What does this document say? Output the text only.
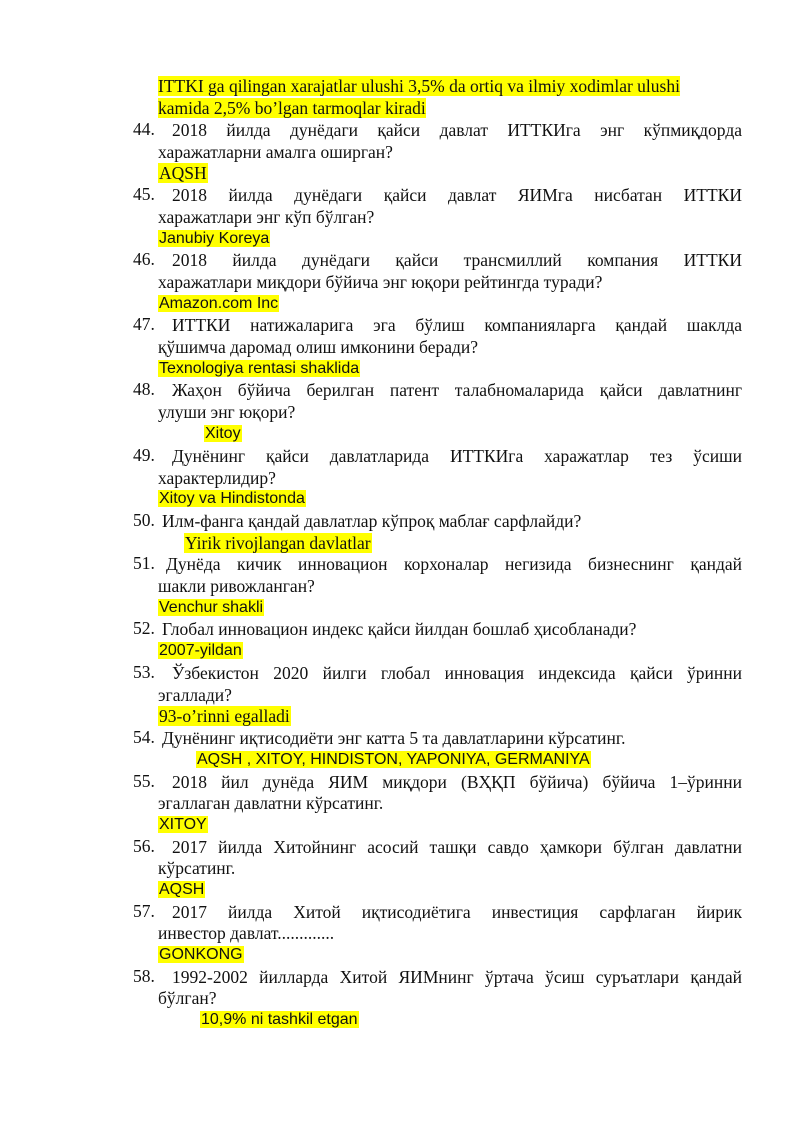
ITTKI ga qilingan xarajatlar ulushi 3,5% da ortiq va ilmiy xodimlar ulushi
kamida 2,5% bo’lgan tarmoqlar kiradi
44. 2018 йилда дунёдаги қайси давлат ИТТКИга энг кўпмиқдорда
харажатларни амалга оширган?
AQSH
45. 2018 йилда дунёдаги қайси давлат ЯИМга нисбатан ИТТКИ
харажатлари энг кўп бўлган?
Janubiy Koreya
46. 2018 йилда дунёдаги қайси трансмиллий компания ИТТКИ
харажатлари миқдори бўйича энг юқори рейтингда туради?
Amazon.com Inc
47. ИТТКИ натижаларига эга бўлиш компанияларга қандай шаклда
қўшимча даромад олиш имконини беради?
Texnologiya rentasi shaklida
48. Жаҳон бўйича берилган патент талабномаларида қайси давлатнинг
улуши энг юқори?
Xitoy
49. Дунёнинг қайси давлатларида ИТТКИга харажатлар тез ўсиши
характерлидир?
Xitoy va Hindistonda
50. Илм-фанга қандай давлатлар кўпроқ маблағ сарфлайди?
Yirik rivojlangan davlatlar
51. Дунёда кичик инновацион корхоналар негизида бизнеснинг қандай
шакли ривожланган?
Venchur shakli
52. Глобал инновацион индекс қайси йилдан бошлаб ҳисобланади?
2007-yildan
53. Ўзбекистон 2020 йилги глобал инновация индексида қайси ўринни
эгаллади?
93-o’rinni egalladi
54. Дунёнинг иқтисодиёти энг катта 5 та давлатларини кўрсатинг.
AQSH , XITOY, HINDISTON, YAPONIYA, GERMANIYA
55. 2018 йил дунёда ЯИМ миқдори (ВҲҚП бўйича) бўйича 1–ўринни
эгаллаган давлатни кўрсатинг.
XITOY
56. 2017 йилда Хитойнинг асосий ташқи савдо ҳамкори бўлган давлатни
кўрсатинг.
AQSH
57. 2017 йилда Хитой иқтисодиётига инвестиция сарфлаган йирик
инвестор давлат.............
GONKONG
58. 1992-2002 йилларда Хитой ЯИМнинг ўртача ўсиш суръатлари қандай
бўлган?
10,9% ni tashkil etgan
